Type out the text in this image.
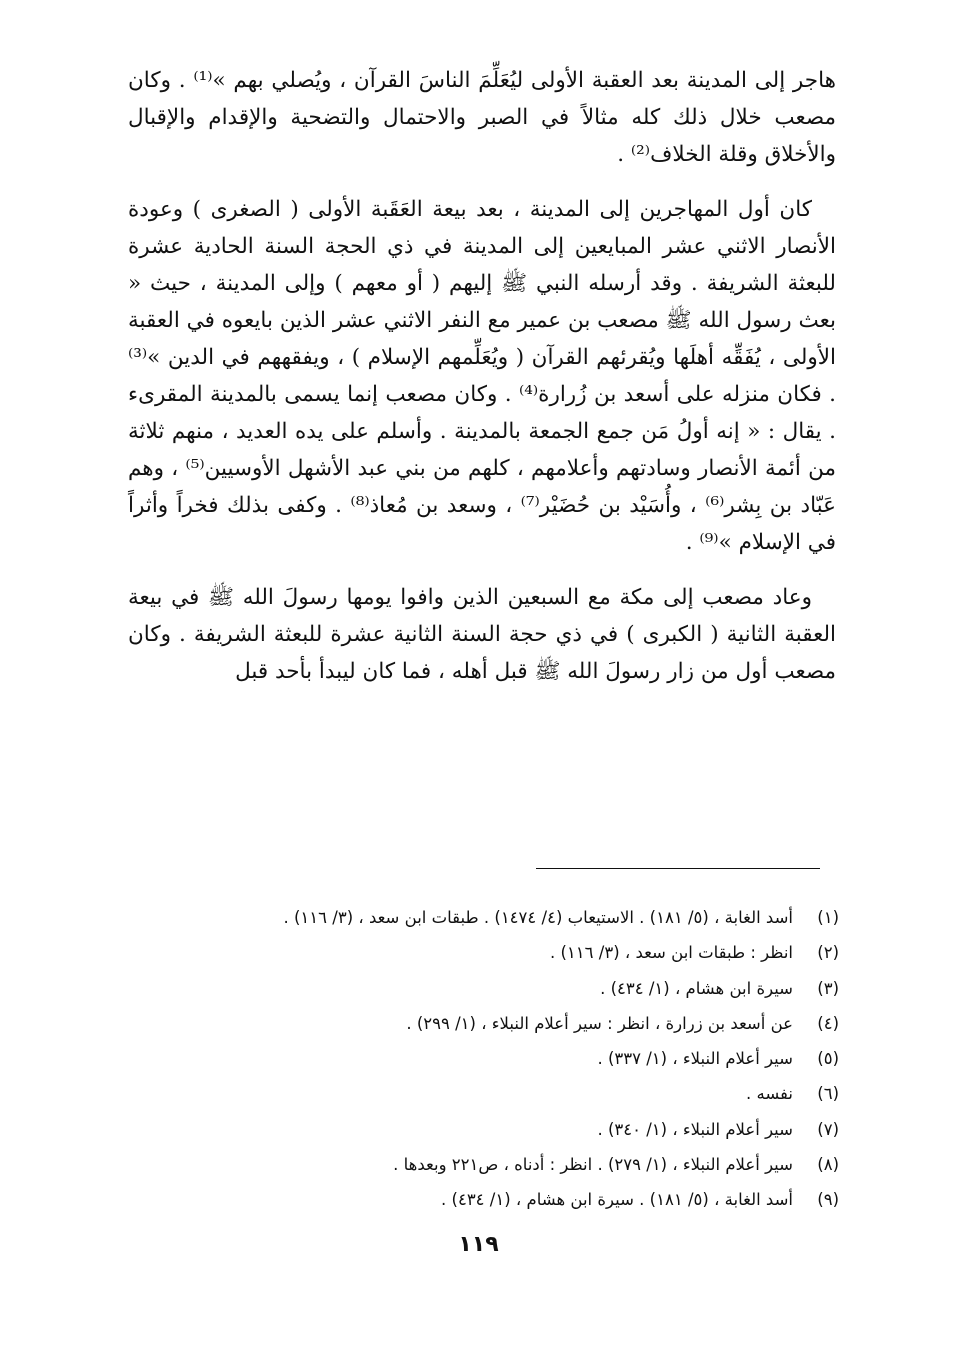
هاجر إلى المدينة بعد العقبة الأولى ليُعَلِّمَ الناسَ القرآن ، ويُصلي بهم »⁽¹⁾ . وكان مصعب خلال ذلك كله مثالاً في الصبر والاحتمال والتضحية والإقدام والإقبال والأخلاق وقلة الخلاف⁽²⁾ .

كان أول المهاجرين إلى المدينة ، بعد بيعة العَقَبة الأولى ( الصغرى ) وعودة الأنصار الاثني عشر المبايعين إلى المدينة في ذي الحجة السنة الحادية عشرة للبعثة الشريفة . وقد أرسله النبي ﷺ إليهم ( أو معهم ) وإلى المدينة ، حيث « بعث رسول الله ﷺ مصعب بن عمير مع النفر الاثني عشر الذين بايعوه في العقبة الأولى ، يُفَقِّه أهلَها ويُقرئهم القرآن ( ويُعَلِّمهم الإسلام ) ، ويفقههم في الدين »⁽³⁾ . فكان منزله على أسعد بن زُرارة⁽⁴⁾ . وكان مصعب إنما يسمى بالمدينة المقرىء . يقال : « إنه أولُ مَن جمع الجمعة بالمدينة . وأسلم على يده العديد ، منهم ثلاثة من أئمة الأنصار وسادتهم وأعلامهم ، كلهم من بني عبد الأشهل الأوسيين⁽⁵⁾ ، وهم عَبّاد بن بِشر⁽⁶⁾ ، وأُسَيْد بن حُضَيْر⁽⁷⁾ ، وسعد بن مُعاذ⁽⁸⁾ . وكفى بذلك فخراً وأثراً في الإسلام »⁽⁹⁾ .

وعاد مصعب إلى مكة مع السبعين الذين وافوا يومها رسولَ الله ﷺ في بيعة العقبة الثانية ( الكبرى ) في ذي حجة السنة الثانية عشرة للبعثة الشريفة . وكان مصعب أول من زار رسولَ الله ﷺ قبل أهله ، فما كان ليبدأ بأحد قبل

(١)أسد الغابة ، (٥/ ١٨١) . الاستيعاب (٤/ ١٤٧٤) . طبقات ابن سعد ، (٣/ ١١٦) .
(٢)انظر : طبقات ابن سعد ، (٣/ ١١٦) .
(٣)سيرة ابن هشام ، (١/ ٤٣٤) .
(٤)عن أسعد بن زرارة ، انظر : سير أعلام النبلاء ، (١/ ٢٩٩) .
(٥)سير أعلام النبلاء ، (١/ ٣٣٧) .
(٦)نفسه .
(٧)سير أعلام النبلاء ، (١/ ٣٤٠) .
(٨)سير أعلام النبلاء ، (١/ ٢٧٩) . انظر : أدناه ، ص٢٢١ وبعدها .
(٩)أسد الغابة ، (٥/ ١٨١) . سيرة ابن هشام ، (١/ ٤٣٤) .
١١٩
